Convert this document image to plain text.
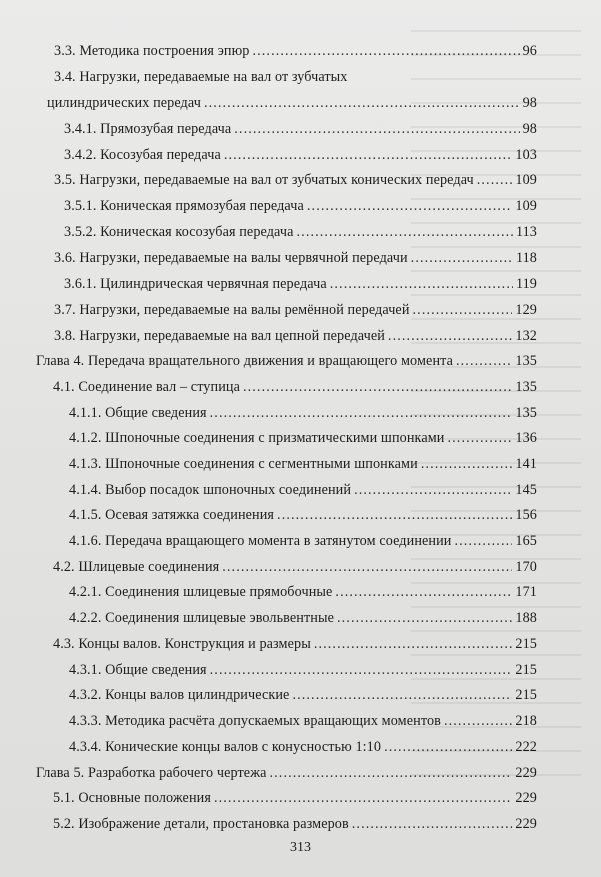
3.3. Методика построения эпюр .....	96
3.4. Нагрузки, передаваемые на вал от зубчатых
цилиндрических передач .....	98
3.4.1. Прямозубая передача .....	98
3.4.2. Косозубая передача .....	103
3.5. Нагрузки, передаваемые на вал от зубчатых конических передач .....	109
3.5.1. Коническая прямозубая передача .....	109
3.5.2. Коническая косозубая передача .....	113
3.6. Нагрузки, передаваемые на валы червячной передачи .....	118
3.6.1. Цилиндрическая червячная передача .....	119
3.7. Нагрузки, передаваемые на валы ремённой передачей .....	129
3.8. Нагрузки, передаваемые на вал цепной передачей .....	132
Глава 4. Передача вращательного движения и вращающего момента .....	135
4.1. Соединение вал – ступица .....	135
4.1.1. Общие сведения .....	135
4.1.2. Шпоночные соединения с призматическими шпонками .....	136
4.1.3. Шпоночные соединения с сегментными шпонками .....	141
4.1.4. Выбор посадок шпоночных соединений .....	145
4.1.5. Осевая затяжка соединения .....	156
4.1.6. Передача вращающего момента в затянутом соединении .....	165
4.2. Шлицевые соединения .....	170
4.2.1. Соединения шлицевые прямобочные .....	171
4.2.2. Соединения шлицевые эвольвентные .....	188
4.3. Концы валов. Конструкция и размеры .....	215
4.3.1. Общие сведения .....	215
4.3.2. Концы валов цилиндрические .....	215
4.3.3. Методика расчёта допускаемых вращающих моментов .....	218
4.3.4. Конические концы валов с конусностью 1:10 .....	222
Глава 5. Разработка рабочего чертежа .....	229
5.1. Основные положения .....	229
5.2. Изображение детали, простановка размеров .....	229
313
